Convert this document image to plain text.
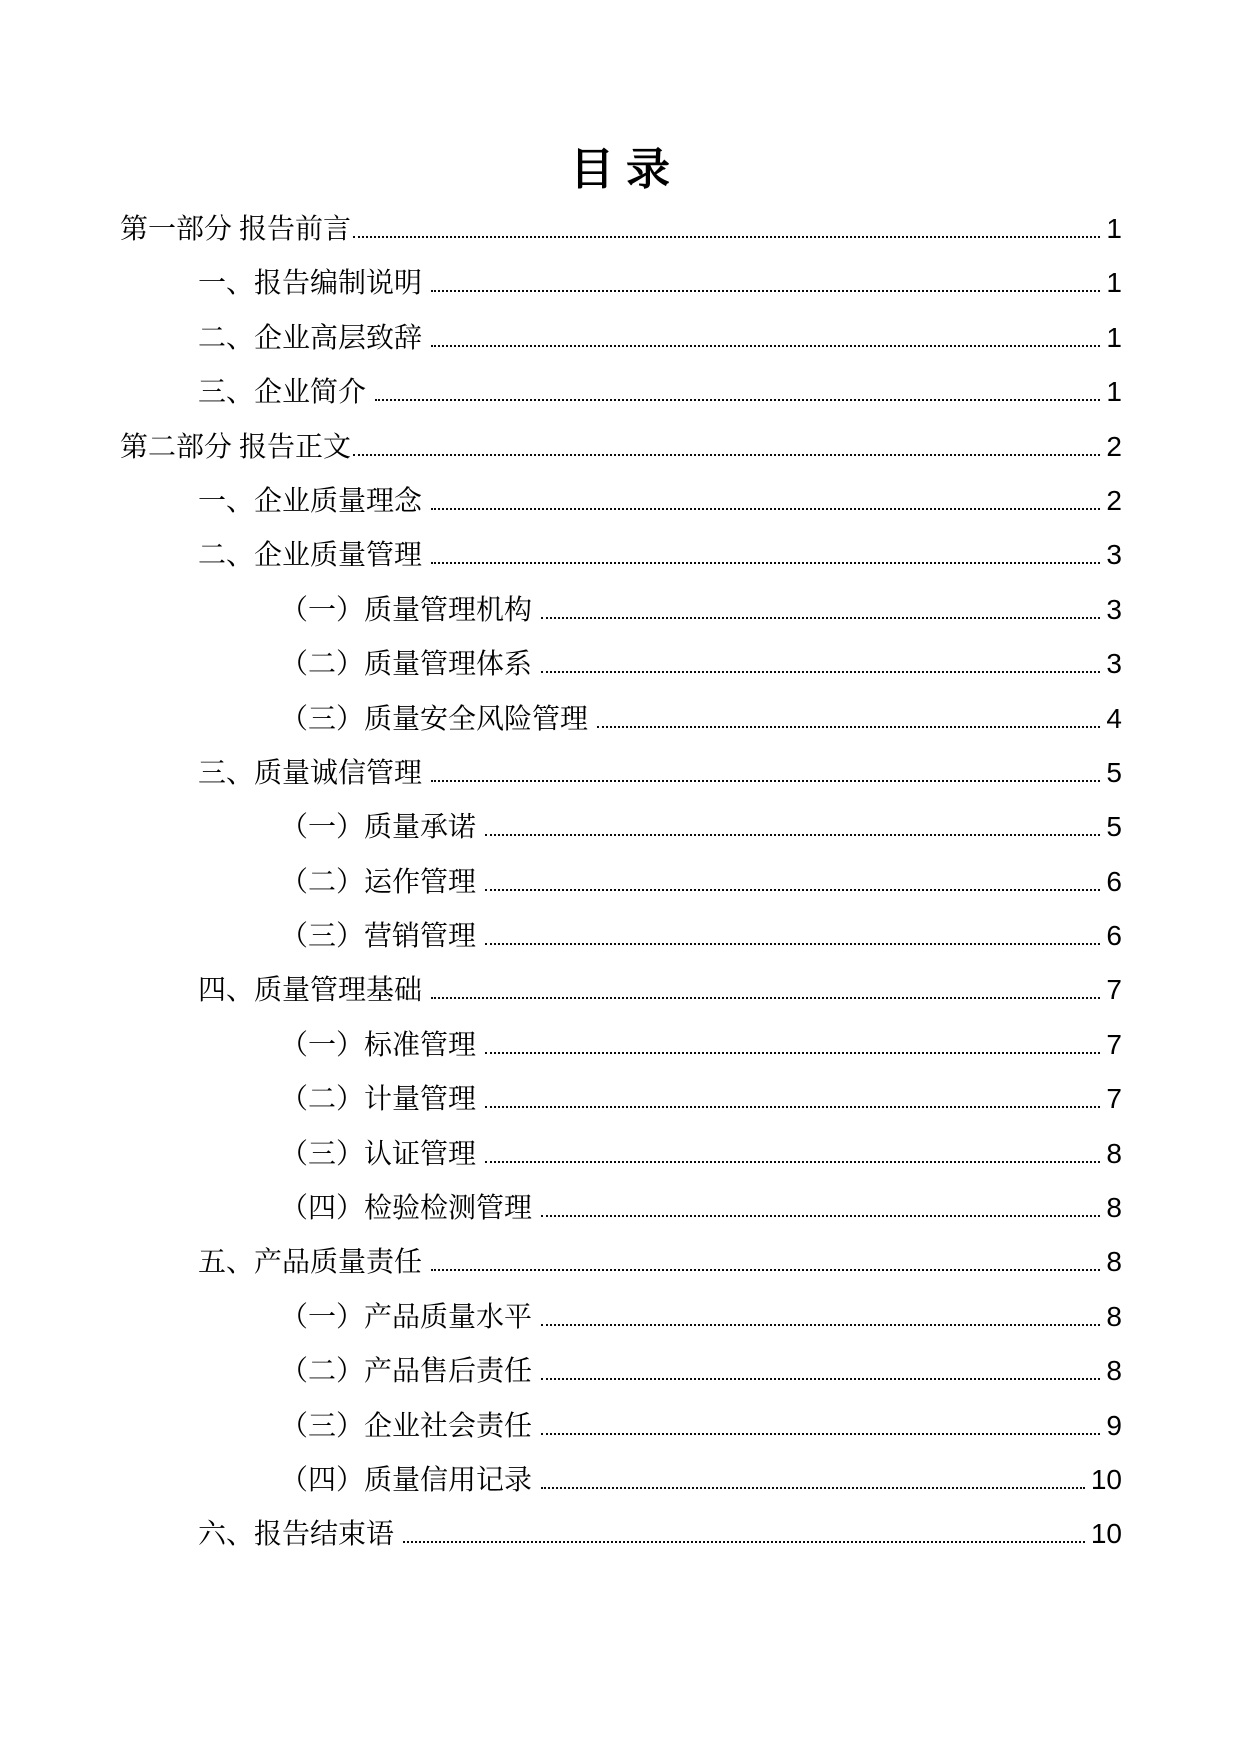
目录
第一部分 报告前言	1
一、报告编制说明	1
二、企业高层致辞	1
三、企业简介	1
第二部分 报告正文	2
一、企业质量理念	2
二、企业质量管理	3
（一）质量管理机构	3
（二）质量管理体系	3
（三）质量安全风险管理	4
三、质量诚信管理	5
（一）质量承诺	5
（二）运作管理	6
（三）营销管理	6
四、质量管理基础	7
（一）标准管理	7
（二）计量管理	7
（三）认证管理	8
（四）检验检测管理	8
五、产品质量责任	8
（一）产品质量水平	8
（二）产品售后责任	8
（三）企业社会责任	9
（四）质量信用记录	10
六、报告结束语	10
